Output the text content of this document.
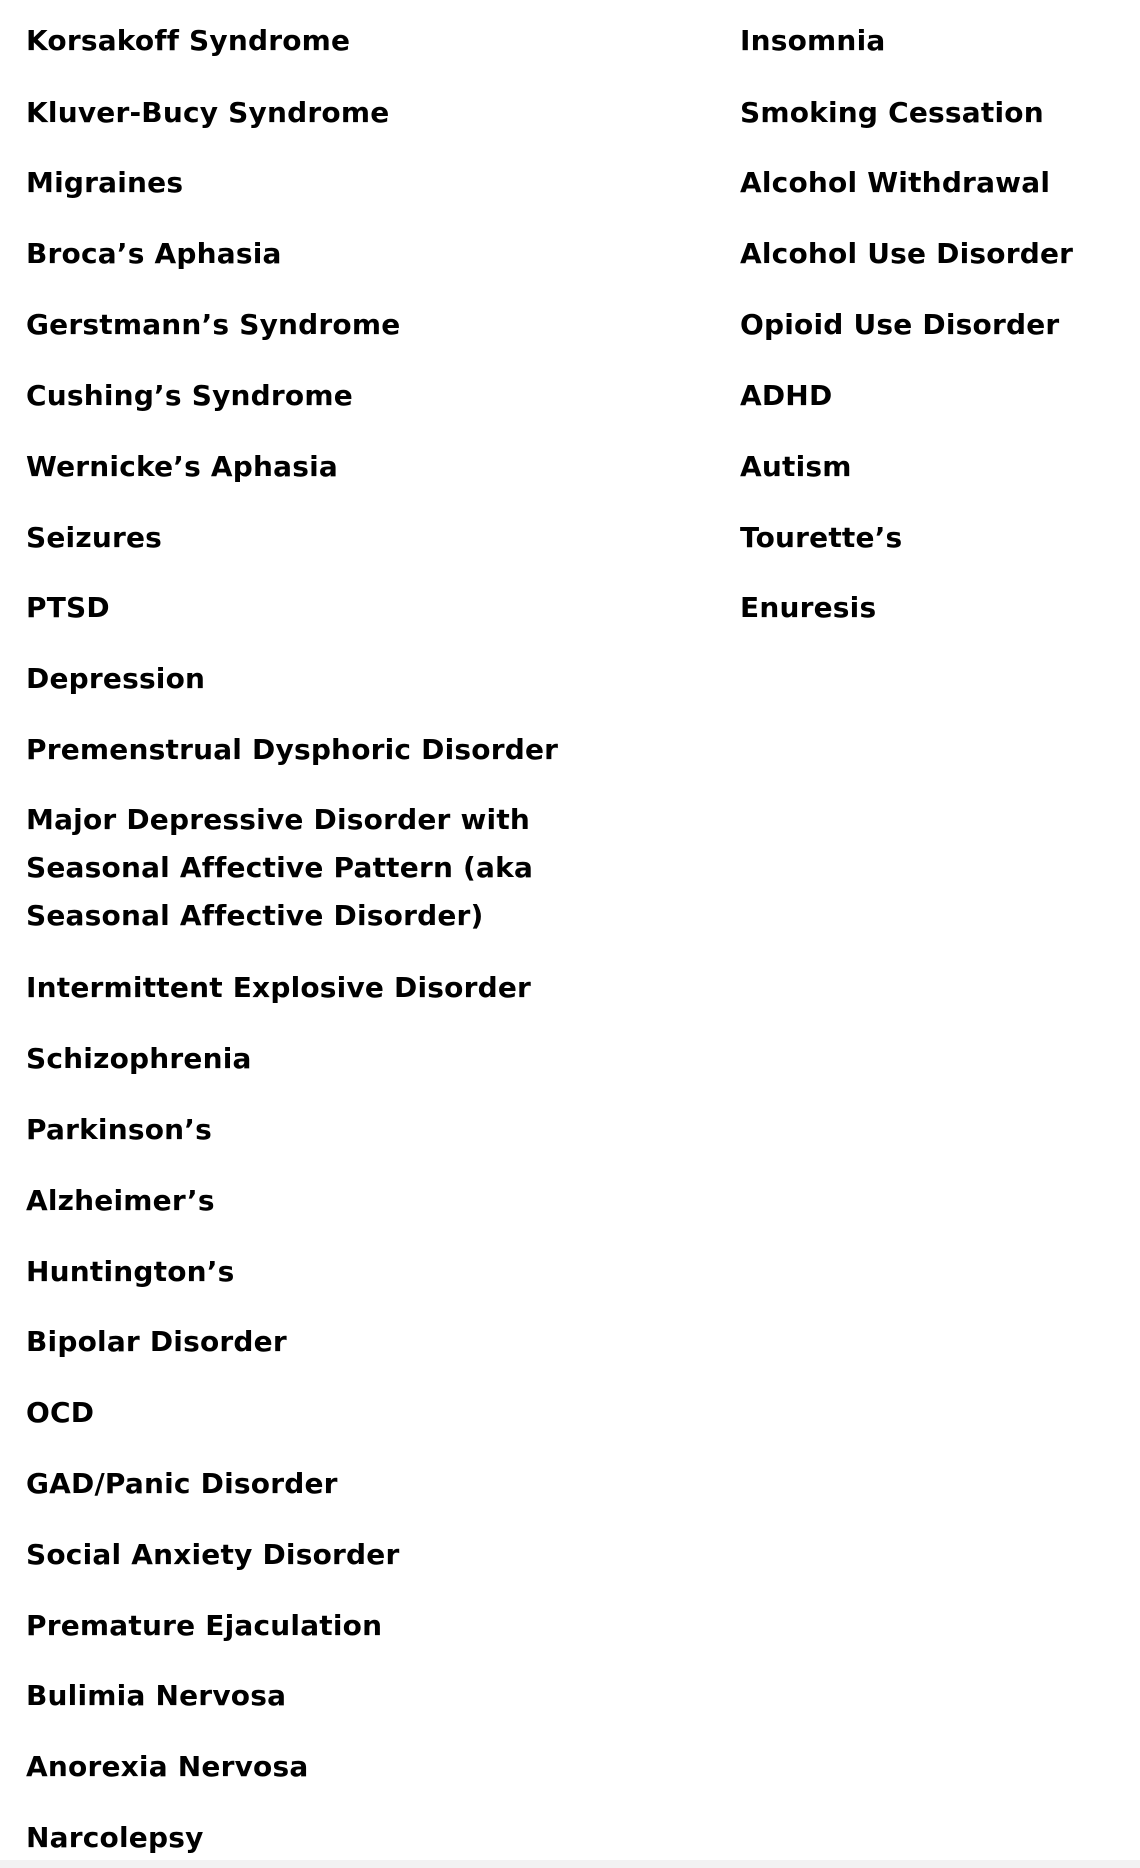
Korsakoff Syndrome
Kluver-Bucy Syndrome
Migraines
Broca’s Aphasia
Gerstmann’s Syndrome
Cushing’s Syndrome
Wernicke’s Aphasia
Seizures
PTSD
Depression
Premenstrual Dysphoric Disorder
Major Depressive Disorder with Seasonal Affective Pattern (aka Seasonal Affective Disorder)
Intermittent Explosive Disorder
Schizophrenia
Parkinson’s
Alzheimer’s
Huntington’s
Bipolar Disorder
OCD
GAD/Panic Disorder
Social Anxiety Disorder
Premature Ejaculation
Bulimia Nervosa
Anorexia Nervosa
Narcolepsy
Insomnia
Smoking Cessation
Alcohol Withdrawal
Alcohol Use Disorder
Opioid Use Disorder
ADHD
Autism
Tourette’s
Enuresis
